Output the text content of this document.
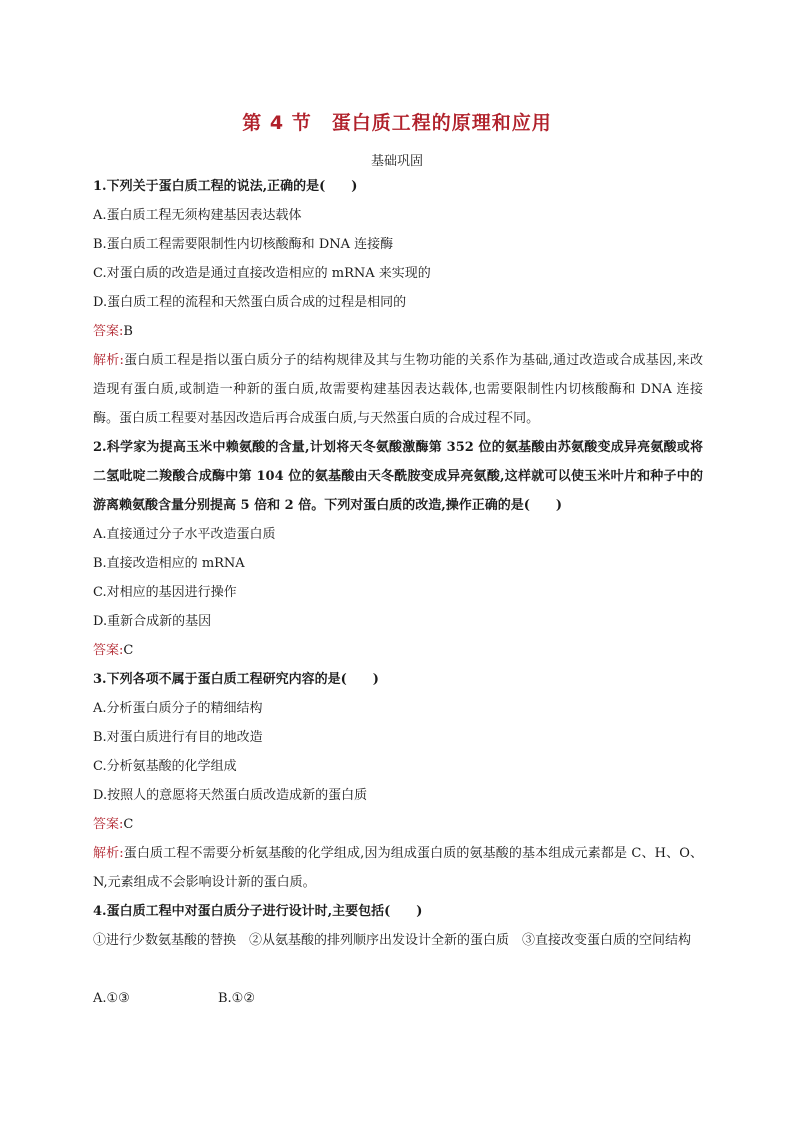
第 4 节　蛋白质工程的原理和应用
基础巩固
1.下列关于蛋白质工程的说法,正确的是(　　)
A.蛋白质工程无须构建基因表达载体
B.蛋白质工程需要限制性内切核酸酶和 DNA 连接酶
C.对蛋白质的改造是通过直接改造相应的 mRNA 来实现的
D.蛋白质工程的流程和天然蛋白质合成的过程是相同的
答案:B
解析:蛋白质工程是指以蛋白质分子的结构规律及其与生物功能的关系作为基础,通过改造或合成基因,来改造现有蛋白质,或制造一种新的蛋白质,故需要构建基因表达载体,也需要限制性内切核酸酶和 DNA 连接酶。蛋白质工程要对基因改造后再合成蛋白质,与天然蛋白质的合成过程不同。
2.科学家为提高玉米中赖氨酸的含量,计划将天冬氨酸激酶第 352 位的氨基酸由苏氨酸变成异亮氨酸或将二氢吡啶二羧酸合成酶中第 104 位的氨基酸由天冬酰胺变成异亮氨酸,这样就可以使玉米叶片和种子中的游离赖氨酸含量分别提高 5 倍和 2 倍。下列对蛋白质的改造,操作正确的是(　　)
A.直接通过分子水平改造蛋白质
B.直接改造相应的 mRNA
C.对相应的基因进行操作
D.重新合成新的基因
答案:C
3.下列各项不属于蛋白质工程研究内容的是(　　)
A.分析蛋白质分子的精细结构
B.对蛋白质进行有目的地改造
C.分析氨基酸的化学组成
D.按照人的意愿将天然蛋白质改造成新的蛋白质
答案:C
解析:蛋白质工程不需要分析氨基酸的化学组成,因为组成蛋白质的氨基酸的基本组成元素都是 C、H、O、N,元素组成不会影响设计新的蛋白质。
4.蛋白质工程中对蛋白质分子进行设计时,主要包括(　　)
①进行少数氨基酸的替换　②从氨基酸的排列顺序出发设计全新的蛋白质　③直接改变蛋白质的空间结构
A.①③	B.①②
